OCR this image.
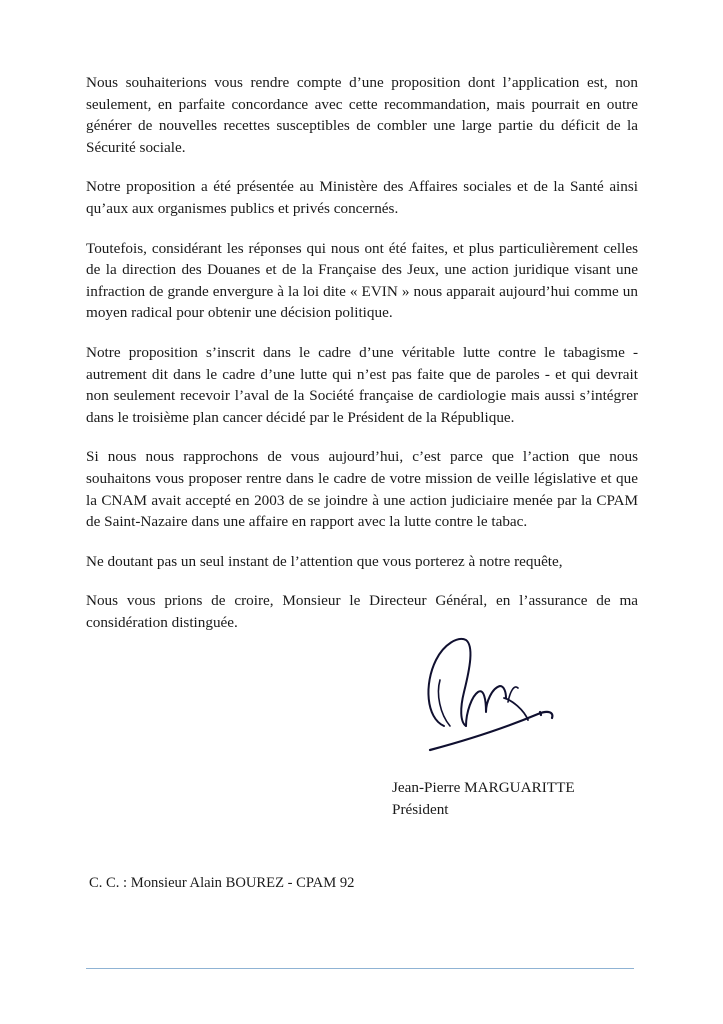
Nous souhaiterions vous rendre compte d’une proposition dont l’application est, non seulement, en parfaite concordance avec cette recommandation, mais pourrait en outre générer de nouvelles recettes susceptibles de combler une large partie du déficit de la Sécurité sociale.

Notre proposition a été présentée au Ministère des Affaires sociales et de la Santé ainsi qu’aux aux organismes publics et privés concernés.

Toutefois, considérant les réponses qui nous ont été faites, et plus particulièrement celles de la direction des Douanes et de la Française des Jeux, une action juridique visant une infraction de grande envergure à la loi dite « EVIN » nous apparait aujourd’hui comme un moyen radical pour obtenir une décision politique.

Notre proposition s’inscrit dans le cadre d’une véritable lutte contre le tabagisme - autrement dit dans le cadre d’une lutte qui n’est pas faite que de paroles - et qui devrait non seulement recevoir l’aval de la Société française de cardiologie mais aussi s’intégrer dans le troisième plan cancer décidé par le Président de la République.

Si nous nous rapprochons de vous aujourd’hui, c’est parce que l’action que nous souhaitons vous proposer rentre dans le cadre de votre mission de veille législative et que la CNAM avait accepté en 2003 de se joindre à une action judiciaire menée par la CPAM de Saint-Nazaire dans une affaire en rapport avec la lutte contre le tabac.

Ne doutant pas un seul instant de l’attention que vous porterez à notre requête,

Nous vous prions de croire, Monsieur le Directeur Général, en l’assurance de ma considération distinguée.

Jean-Pierre MARGUARITTE
Président
C. C. : Monsieur Alain BOUREZ - CPAM 92
